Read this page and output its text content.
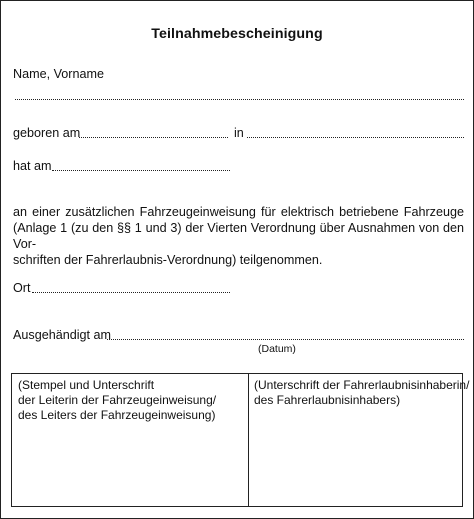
Teilnahmebescheinigung
Name, Vorname
geboren am	in
hat am
an einer zusätzlichen Fahrzeugeinweisung für elektrisch betriebene Fahrzeuge
(Anlage 1 (zu den §§ 1 und 3) der Vierten Verordnung über Ausnahmen von den Vor-
schriften der Fahrerlaubnis-Verordnung) teilgenommen.
Ort
Ausgehändigt am
(Datum)
(Stempel und Unterschrift
der Leiterin der Fahrzeugeinweisung/
des Leiters der Fahrzeugeinweisung)
(Unterschrift der Fahrerlaubnisinhaberin/
des Fahrerlaubnisinhabers)
